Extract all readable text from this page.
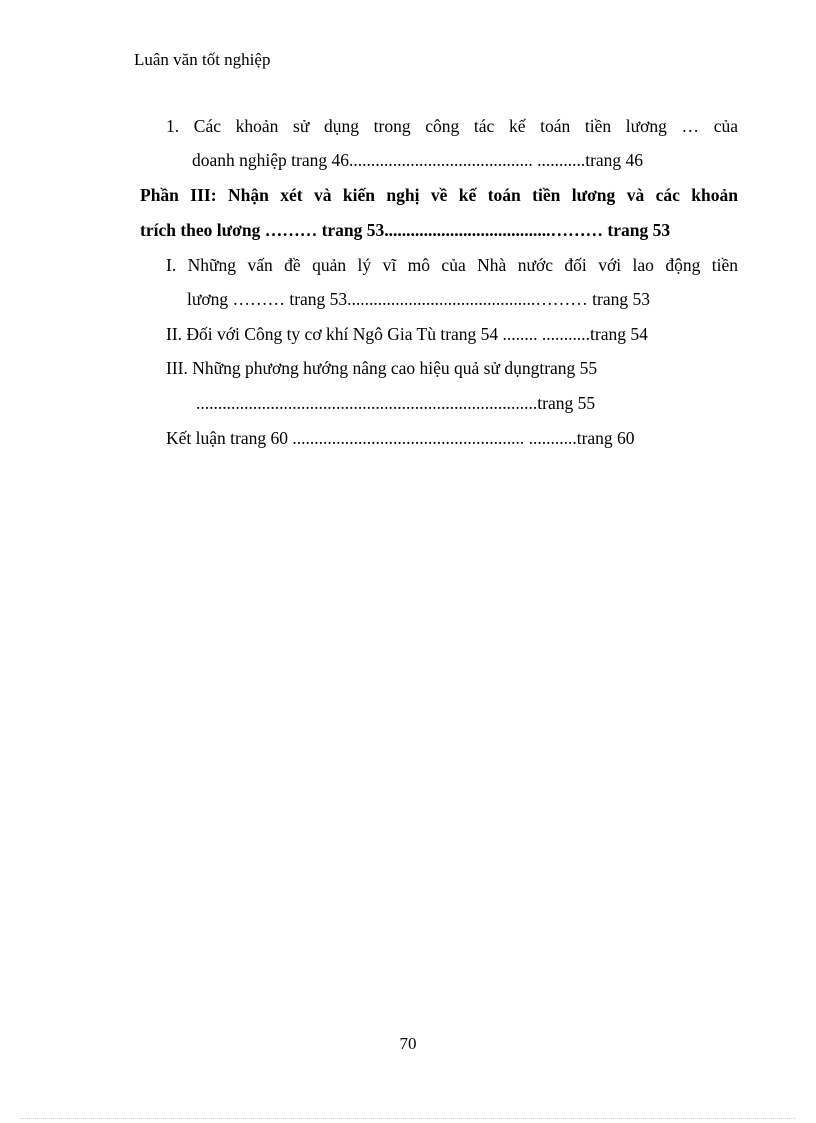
Luân văn tốt nghiệp
1. Các khoản sử dụng trong công tác kế toán tiền lương … của
doanh nghiệp trang 46.......................................... ...........trang 46
Phần III: Nhận xét và kiến nghị về kế toán tiền lương và các khoản
trích theo lương ……… trang 53......................................……… trang 53
I. Những vấn đề quản lý vĩ mô của Nhà nước đối với lao động tiền
lương ……… trang 53...........................................……… trang 53
II. Đối với Công ty cơ khí Ngô Gia Tù trang 54 ........ ...........trang 54
III. Những phương hướng nâng cao hiệu quả sử dụngtrang 55
..............................................................................trang 55
Kết luận trang 60 ..................................................... ...........trang 60
70
